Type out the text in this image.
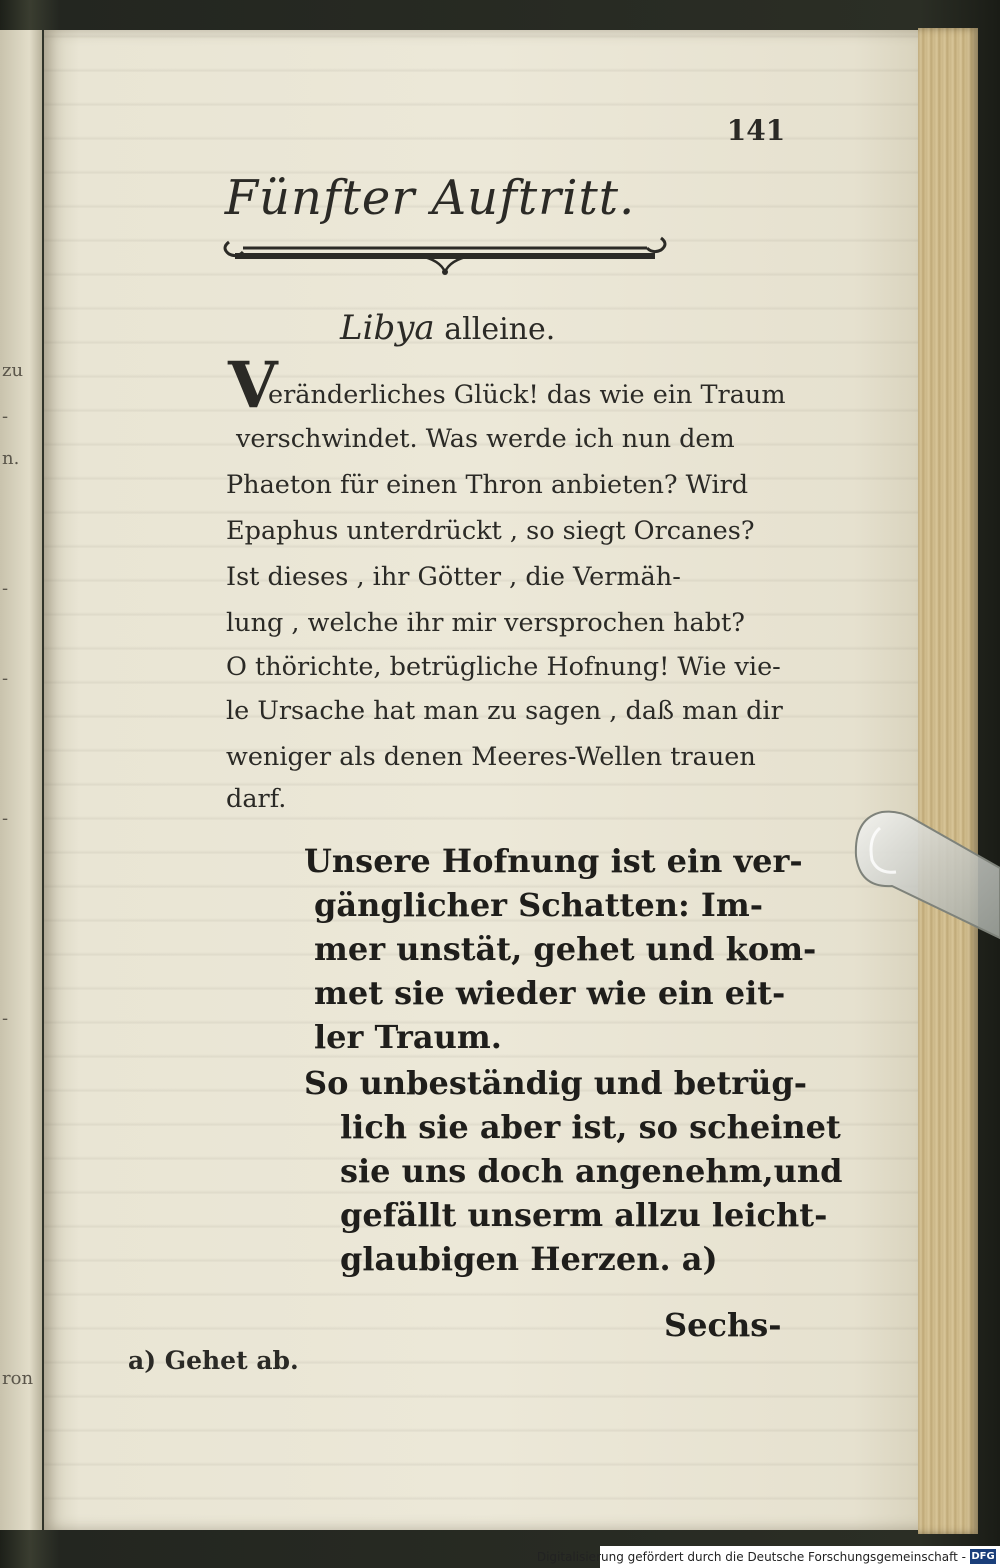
zu
-
n.
-
-
-
-
ron
141
Fünfter Auftritt.
Libya alleine.
V
eränderliches Glück! das wie ein Traum
verschwindet. Was werde ich nun dem
Phaeton für einen Thron anbieten? Wird
Epaphus unterdrückt , so siegt Orcanes?
Ist dieses , ihr Götter , die Vermäh-
lung , welche ihr mir versprochen habt?
O thörichte, betrügliche Hofnung! Wie vie-
le Ursache hat man zu sagen , daß man dir
weniger als denen Meeres-Wellen trauen
darf.
Unsere Hofnung ist ein ver-
gänglicher Schatten: Im-
mer unstät, gehet und kom-
met sie wieder wie ein eit-
ler Traum.
So unbeständig und betrüg-
lich sie aber ist, so scheinet
sie uns doch angenehm,und
gefällt unserm allzu leicht-
glaubigen Herzen. a)
Sechs-
a) Gehet ab.
Digitalisierung gefördert durch die Deutsche Forschungsgemeinschaft - DFG
